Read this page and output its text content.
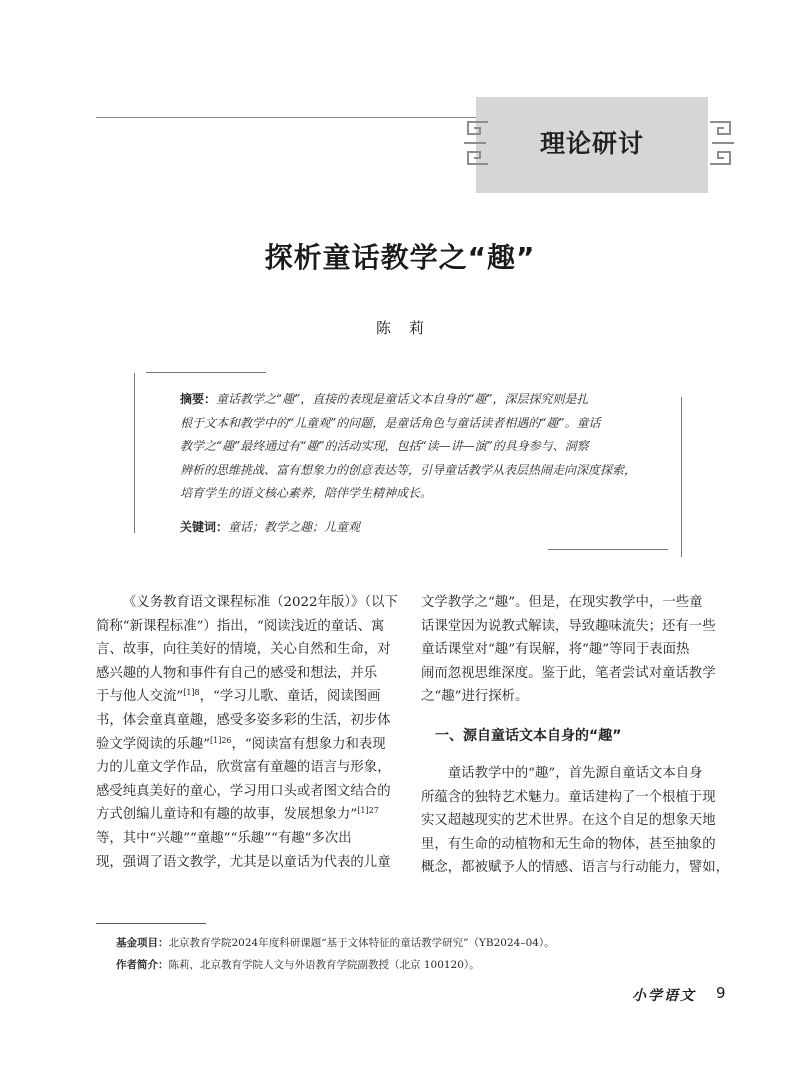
理论研讨
探析童话教学之“趣”
陈莉
摘要：童话教学之“趣”，直接的表现是童话文本自身的“趣”，深层探究则是扎
根于文本和教学中的“儿童观”的问题，是童话角色与童话读者相遇的“趣”。童话
教学之“趣”最终通过有“趣”的活动实现，包括“读—讲—演”的具身参与、洞察
辨析的思维挑战、富有想象力的创意表达等，引导童话教学从表层热闹走向深度探索，
培育学生的语文核心素养，陪伴学生精神成长。
关键词：童话；教学之趣；儿童观
《义务教育语文课程标准（2022年版）》（以下
简称“新课程标准”）指出，“阅读浅近的童话、寓
言、故事，向往美好的情境，关心自然和生命，对
感兴趣的人物和事件有自己的感受和想法，并乐
于与他人交流”$^{[1]8}$，“学习儿歌、童话，阅读图画
书，体会童真童趣，感受多姿多彩的生活，初步体
验文学阅读的乐趣”$^{[1]26}$，“阅读富有想象力和表现
力的儿童文学作品，欣赏富有童趣的语言与形象，
感受纯真美好的童心，学习用口头或者图文结合的
方式创编儿童诗和有趣的故事，发展想象力”$^{[1]27}$
等，其中“兴趣”“童趣”“乐趣”“有趣”多次出
现，强调了语文教学，尤其是以童话为代表的儿童
文学教学之“趣”。但是，在现实教学中，一些童
话课堂因为说教式解读，导致趣味流失；还有一些
童话课堂对“趣”有误解，将“趣”等同于表面热
闹而忽视思维深度。鉴于此，笔者尝试对童话教学
之“趣”进行探析。
一、源自童话文本自身的“趣”
童话教学中的“趣”，首先源自童话文本自身
所蕴含的独特艺术魅力。童话建构了一个根植于现
实又超越现实的艺术世界。在这个自足的想象天地
里，有生命的动植物和无生命的物体，甚至抽象的
概念，都被赋予人的情感、语言与行动能力，譬如，
基金项目：北京教育学院2024年度科研课题“基于文体特征的童话教学研究”（YB2024–04）。
作者简介：陈莉，北京教育学院人文与外语教育学院副教授（北京 100120）。
小学语文 9
